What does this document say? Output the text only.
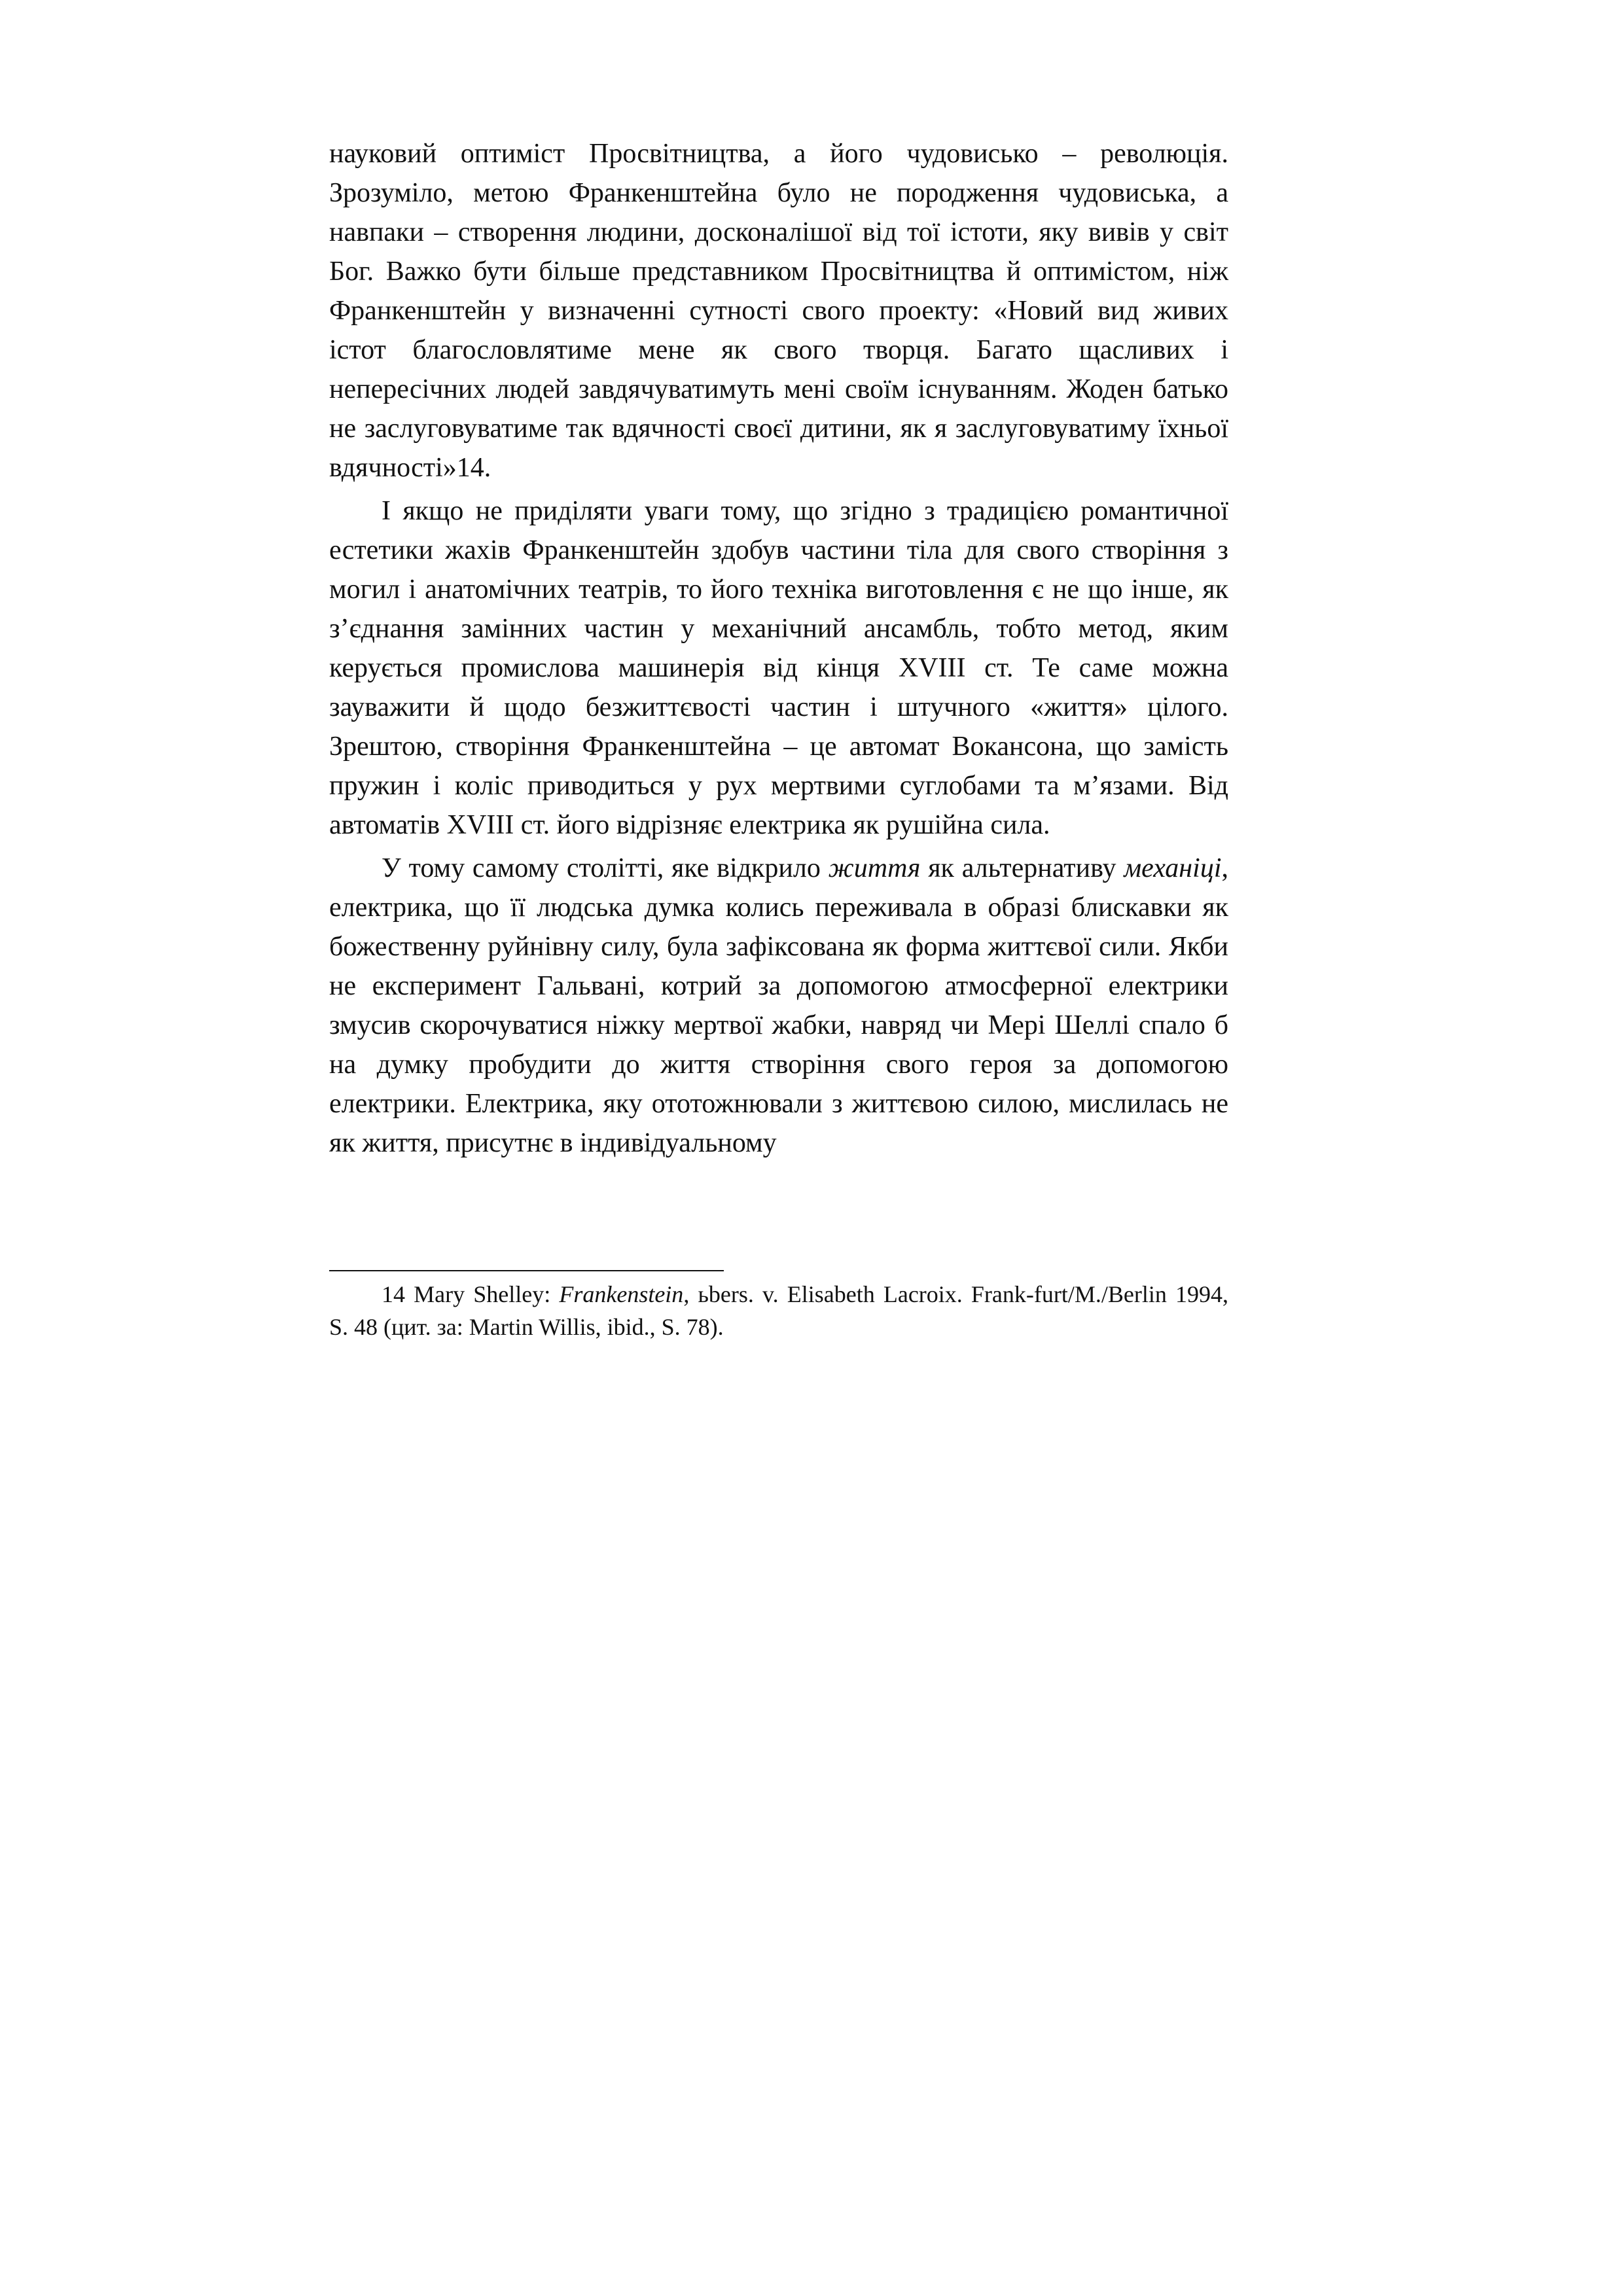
науковий оптиміст Просвітництва, а його чудовисько – революція. Зрозуміло, метою Франкенштейна було не породження чудовиська, а навпаки – створення людини, досконалішої від тої істоти, яку вивів у світ Бог. Важко бути більше представником Просвітництва й оптимістом, ніж Франкенштейн у визначенні сутності свого проекту: «Новий вид живих істот благословлятиме мене як свого творця. Багато щасливих і непересічних людей завдячуватимуть мені своїм існуванням. Жоден батько не заслуговуватиме так вдячності своєї дитини, як я заслуговуватиму їхньої вдячності»14.

І якщо не приділяти уваги тому, що згідно з традицією романтичної естетики жахів Франкенштейн здобув частини тіла для свого створіння з могил і анатомічних театрів, то його техніка виготовлення є не що інше, як з’єднання замінних частин у механічний ансамбль, тобто метод, яким керується промислова машинерія від кінця XVIII ст. Те саме можна зауважити й щодо безжиттєвості частин і штучного «життя» цілого. Зрештою, створіння Франкенштейна – це автомат Вокансона, що замість пружин і коліс приводиться у рух мертвими суглобами та м’язами. Від автоматів XVIII ст. його відрізняє електрика як рушійна сила.

У тому самому столітті, яке відкрило життя як альтернативу механіці, електрика, що її людська думка колись переживала в образі блискавки як божественну руйнівну силу, була зафіксована як форма життєвої сили. Якби не експеримент Гальвані, котрий за допомогою атмосферної електрики змусив скорочуватися ніжку мертвої жабки, навряд чи Мері Шеллі спало б на думку пробудити до життя створіння свого героя за допомогою електрики. Електрика, яку ототожнювали з життєвою силою, мислилась не як життя, присутнє в індивідуальному

14 Mary Shelley: Frankenstein, ьbers. v. Elisabeth Lacroix. Frank-furt/M./Berlin 1994, S. 48 (цит. за: Martin Willis, ibid., S. 78).
